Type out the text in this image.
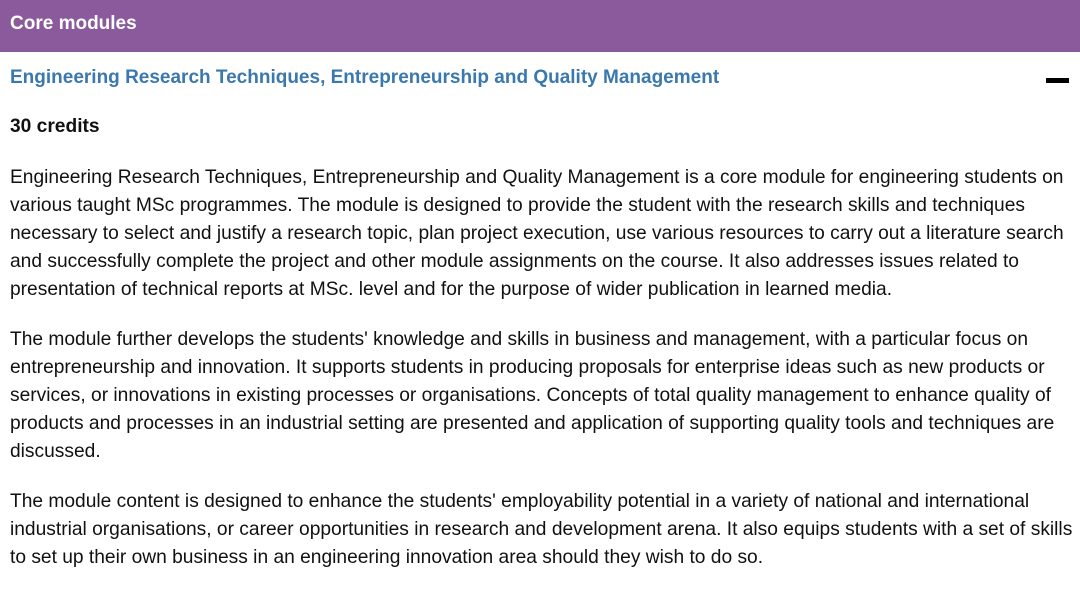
Core modules
Engineering Research Techniques, Entrepreneurship and Quality Management
30 credits

Engineering Research Techniques, Entrepreneurship and Quality Management is a core module for engineering students on various taught MSc programmes. The module is designed to provide the student with the research skills and techniques necessary to select and justify a research topic, plan project execution, use various resources to carry out a literature search and successfully complete the project and other module assignments on the course. It also addresses issues related to presentation of technical reports at MSc. level and for the purpose of wider publication in learned media.

The module further develops the students' knowledge and skills in business and management, with a particular focus on entrepreneurship and innovation. It supports students in producing proposals for enterprise ideas such as new products or services, or innovations in existing processes or organisations. Concepts of total quality management to enhance quality of products and processes in an industrial setting are presented and application of supporting quality tools and techniques are discussed.

The module content is designed to enhance the students' employability potential in a variety of national and international industrial organisations, or career opportunities in research and development arena. It also equips students with a set of skills to set up their own business in an engineering innovation area should they wish to do so.
